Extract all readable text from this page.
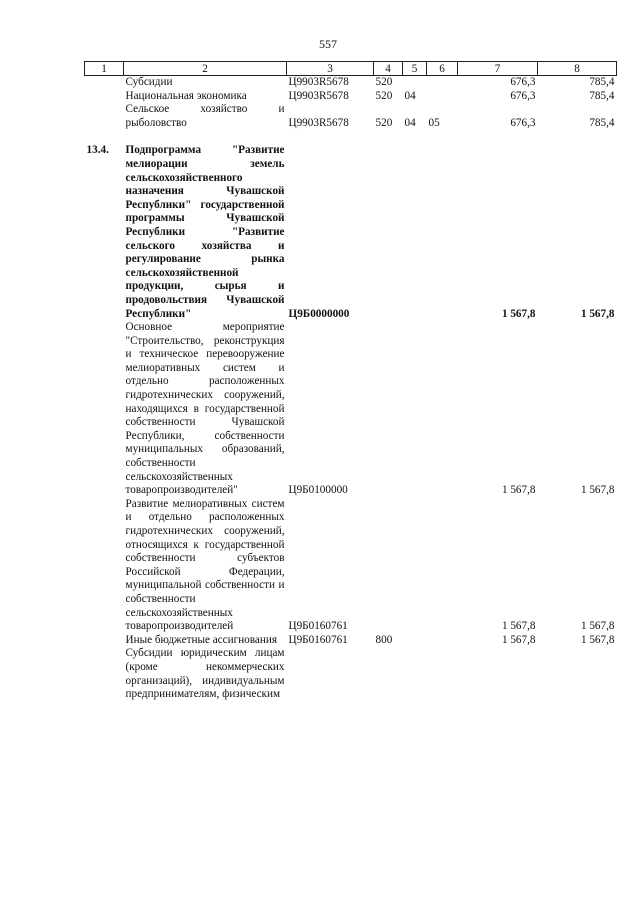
557
1	2	3	4	5	6	7	8
	Субсидии	Ц9903R5678	520			676,3	785,4
	Национальная экономика	Ц9903R5678	520	04		676,3	785,4
	Сельское хозяйство и рыболовство	Ц9903R5678	520	04	05	676,3	785,4

13.4.	Подпрограмма "Развитие мелиорации земель сельскохозяйственного назначения Чувашской Республики" государственной программы Чувашской Республики "Развитие сельского хозяйства и регулирование рынка сельскохозяйственной продукции, сырья и продовольствия Чувашской Республики"	Ц9Б0000000				1 567,8	1 567,8
	Основное мероприятие "Строительство, реконструкция и техническое перевооружение мелиоративных систем и отдельно расположенных гидротехнических сооружений, находящихся в государственной собственности Чувашской Республики, собственности муниципальных образований, собственности сельскохозяйственных товаропроизводителей"	Ц9Б0100000				1 567,8	1 567,8
	Развитие мелиоративных систем и отдельно расположенных гидротехнических сооружений, относящихся к государственной собственности субъектов Российской Федерации, муниципальной собственности и собственности сельскохозяйственных товаропроизводителей	Ц9Б0160761				1 567,8	1 567,8
	Иные бюджетные ассигнования	Ц9Б0160761	800			1 567,8	1 567,8
	Субсидии юридическим лицам (кроме некоммерческих организаций), индивидуальным предпринимателям, физическим						
